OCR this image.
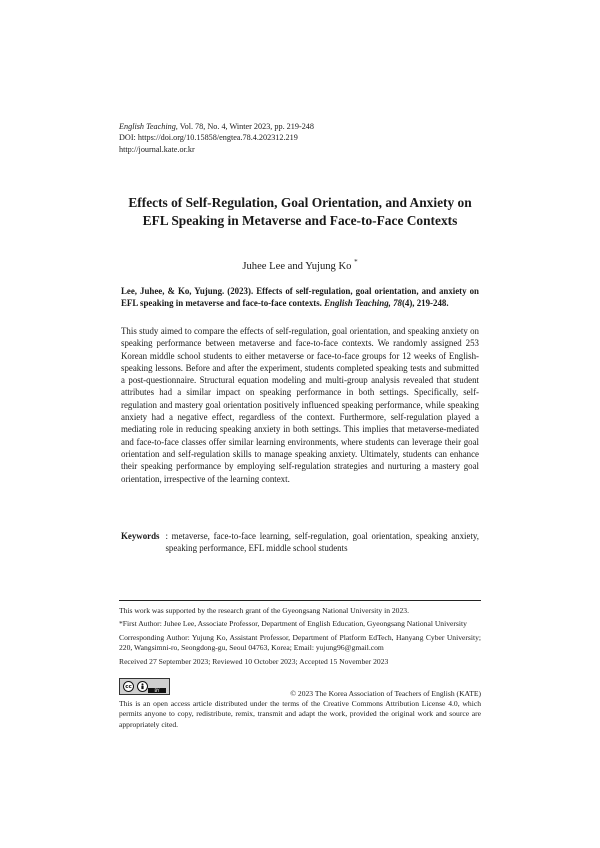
English Teaching, Vol. 78, No. 4, Winter 2023, pp. 219-248
DOI: https://doi.org/10.15858/engtea.78.4.202312.219
http://journal.kate.or.kr
Effects of Self-Regulation, Goal Orientation, and Anxiety on
EFL Speaking in Metaverse and Face-to-Face Contexts
Juhee Lee and Yujung Ko *
Lee, Juhee, & Ko, Yujung. (2023). Effects of self-regulation, goal orientation, and anxiety on EFL speaking in metaverse and face-to-face contexts. English Teaching, 78(4), 219-248.
This study aimed to compare the effects of self-regulation, goal orientation, and speaking anxiety on speaking performance between metaverse and face-to-face contexts. We randomly assigned 253 Korean middle school students to either metaverse or face-to-face groups for 12 weeks of English-speaking lessons. Before and after the experiment, students completed speaking tests and submitted a post-questionnaire. Structural equation modeling and multi-group analysis revealed that student attributes had a similar impact on speaking performance in both settings. Specifically, self-regulation and mastery goal orientation positively influenced speaking performance, while speaking anxiety had a negative effect, regardless of the context. Furthermore, self-regulation played a mediating role in reducing speaking anxiety in both settings. This implies that metaverse-mediated and face-to-face classes offer similar learning environments, where students can leverage their goal orientation and self-regulation skills to manage speaking anxiety. Ultimately, students can enhance their speaking performance by employing self-regulation strategies and nurturing a mastery goal orientation, irrespective of the learning context.
Keywords : metaverse, face-to-face learning, self-regulation, goal orientation, speaking anxiety, speaking performance, EFL middle school students
This work was supported by the research grant of the Gyeongsang National University in 2023.
*First Author: Juhee Lee, Associate Professor, Department of English Education, Gyeongsang National University
Corresponding Author: Yujung Ko, Assistant Professor, Department of Platform EdTech, Hanyang Cyber University; 220, Wangsimni-ro, Seongdong-gu, Seoul 04763, Korea; Email: yujung96@gmail.com
Received 27 September 2023; Reviewed 10 October 2023; Accepted 15 November 2023
cc
BY	© 2023 The Korea Association of Teachers of English (KATE)
This is an open access article distributed under the terms of the Creative Commons Attribution License 4.0, which permits anyone to copy, redistribute, remix, transmit and adapt the work, provided the original work and source are appropriately cited.
